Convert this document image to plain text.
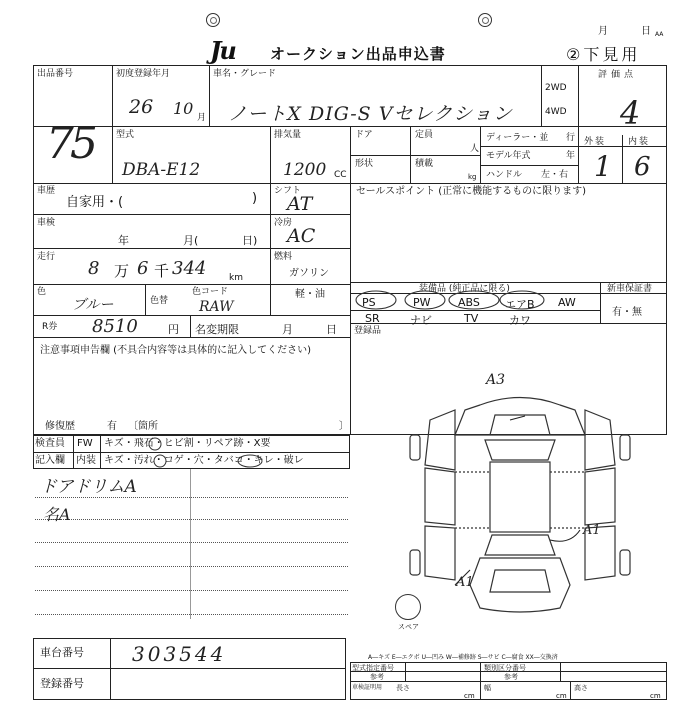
Ju オークション出品申込書
月	日 AA
②下見用
出品番号
75
初度登録年月
26 10 月
車名・グレード
ノートX DIG-S Vセレクション
2WD
4WD
評価点
4
型式
DBA-E12
排気量
1200 CC
ドア	定員
人
形状	積載
kg
ディーラー・並 行
モデル年式	年
ハンドル 左・右
外装 内装
1 6
車歴
自家用・(	) シフト
AT
車検
年	月(	日)
冷房
AC
走行
8 万 6 千 344	km
燃料
ガソリン
軽・油
色
ブルー	色替
色コード
RAW
R券 8510	円 名変期限	月	日
注意事項申告欄 (不具合内容等は具体的に記入してください)
修復歴	有 〔箇所	〕
セールスポイント (正常に機能するものに限ります)
装備品 (純正品に限る)	新車保証書
有・無
PS	PW ABS エアB AW
SR	ナビ	TV	カワ
登録品
検査員
記入欄
FW キズ・飛石・ヒビ割・リペア跡・X要
内装 キズ・汚れ・コゲ・穴・タバコ・キレ・破レ
ドアドリムA
名A
A3
A1
A1
スペア
A―キズ E―エクボ U―凹み W―補修跡 S―サビ C―腐食 XX―交換済
車台番号 303544
登録番号
型式指定番号
参考
類別区分番号
参考
車検証明用 長さ
cm
幅
cm
高さ
cm
